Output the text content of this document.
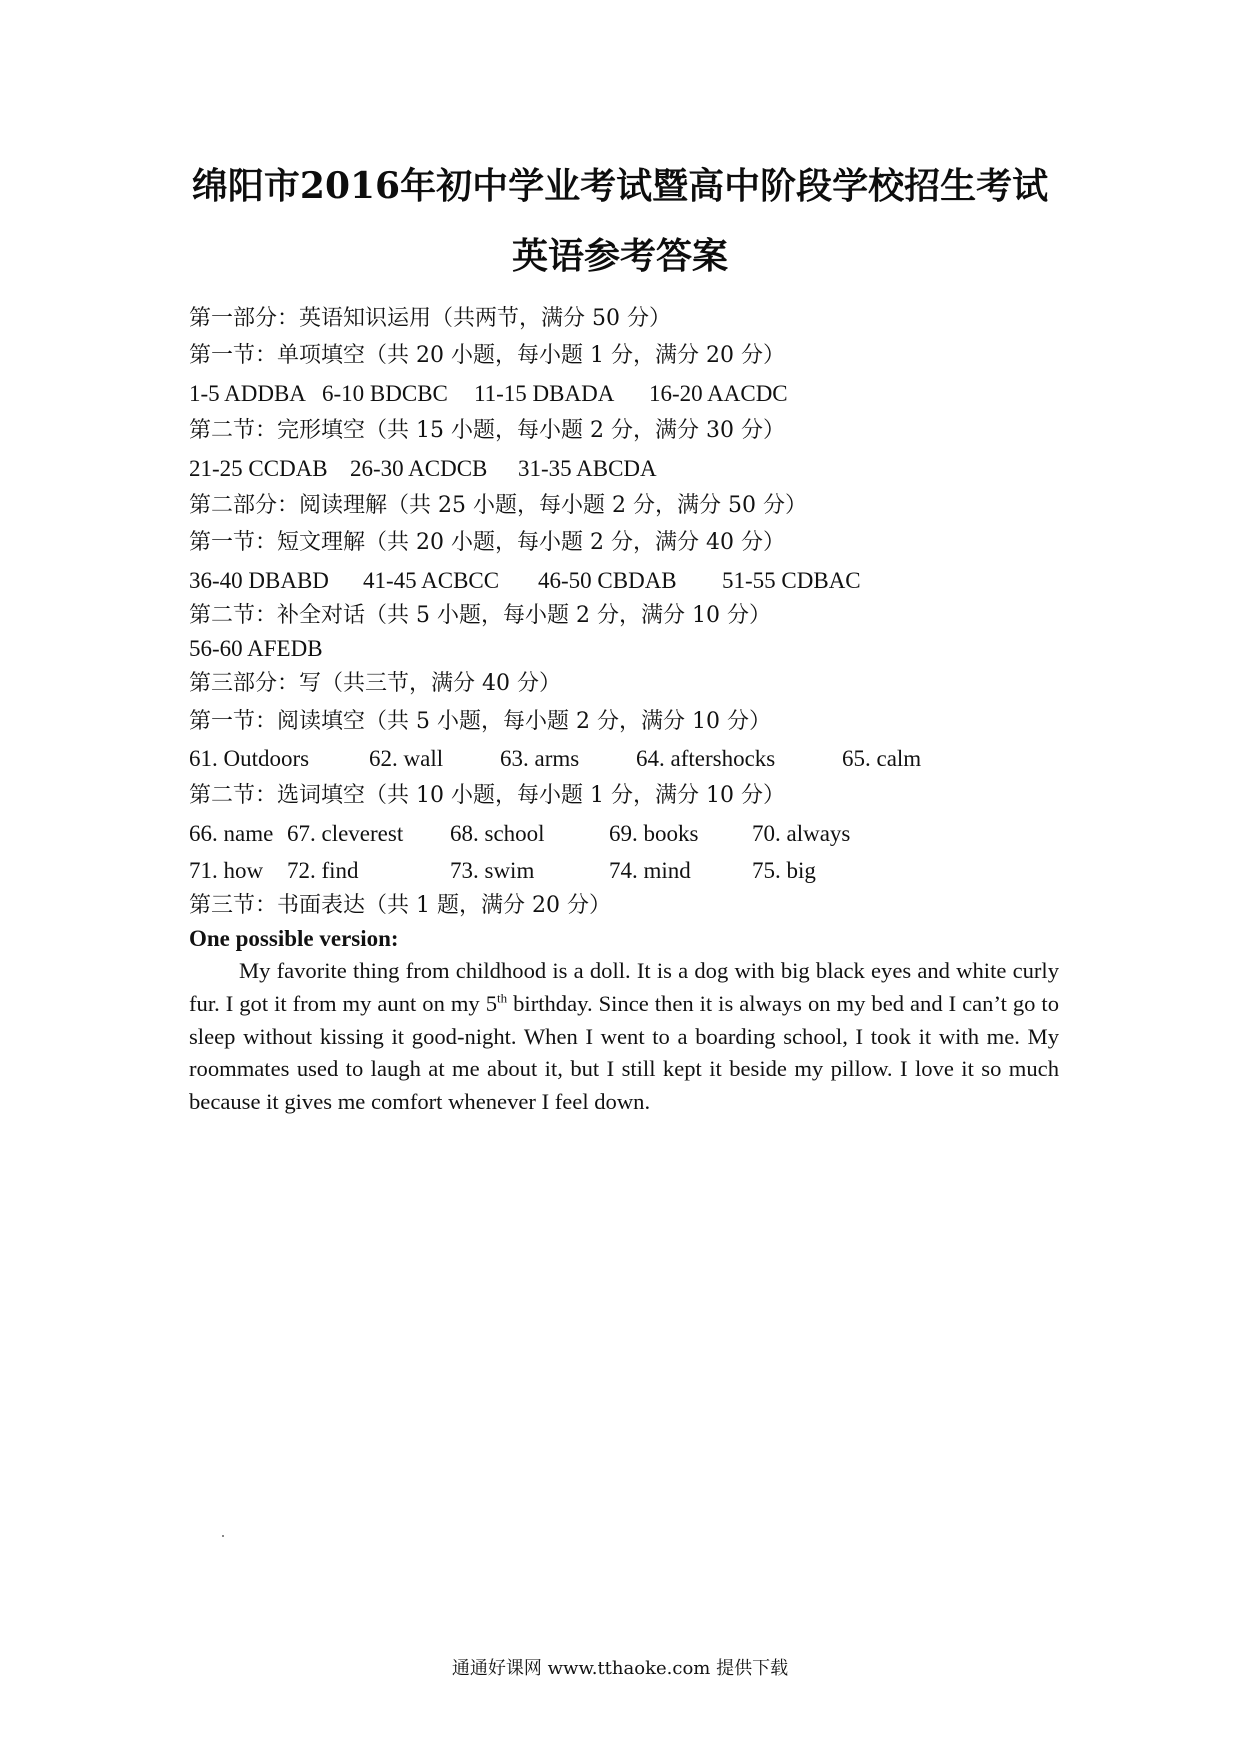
绵阳市2016年初中学业考试暨高中阶段学校招生考试
英语参考答案
第一部分：英语知识运用（共两节，满分 50 分）
第一节：单项填空（共 20 小题，每小题 1 分，满分 20 分）
1-5 ADDBA 6-10 BDCBC 11-15 DBADA 16-20 AACDC
第二节：完形填空（共 15 小题，每小题 2 分，满分 30 分）
21-25 CCDAB 26-30 ACDCB 31-35 ABCDA
第二部分：阅读理解（共 25 小题，每小题 2 分，满分 50 分）
第一节：短文理解（共 20 小题，每小题 2 分，满分 40 分）
36-40 DBABD 41-45 ACBCC 46-50 CBDAB 51-55 CDBAC
第二节：补全对话（共 5 小题，每小题 2 分，满分 10 分）
56-60 AFEDB
第三部分：写（共三节，满分 40 分）
第一节：阅读填空（共 5 小题，每小题 2 分，满分 10 分）
61. Outdoors	62. wall	63. arms	64. aftershocks	65. calm
第二节：选词填空（共 10 小题，每小题 1 分，满分 10 分）
66. name 67. cleverest	68. school	69. books	70. always
71. how	72. find	73. swim	74. mind	75. big
第三节：书面表达（共 1 题，满分 20 分）
One possible version:

My favorite thing from childhood is a doll. It is a dog with big black eyes and white curly fur. I got it from my aunt on my 5th birthday. Since then it is always on my bed and I can’t go to sleep without kissing it good-night. When I went to a boarding school, I took it with me. My roommates used to laugh at me about it, but I still kept it beside my pillow. I love it so much because it gives me comfort whenever I feel down.

通通好课网 www.tthaoke.com 提供下载
